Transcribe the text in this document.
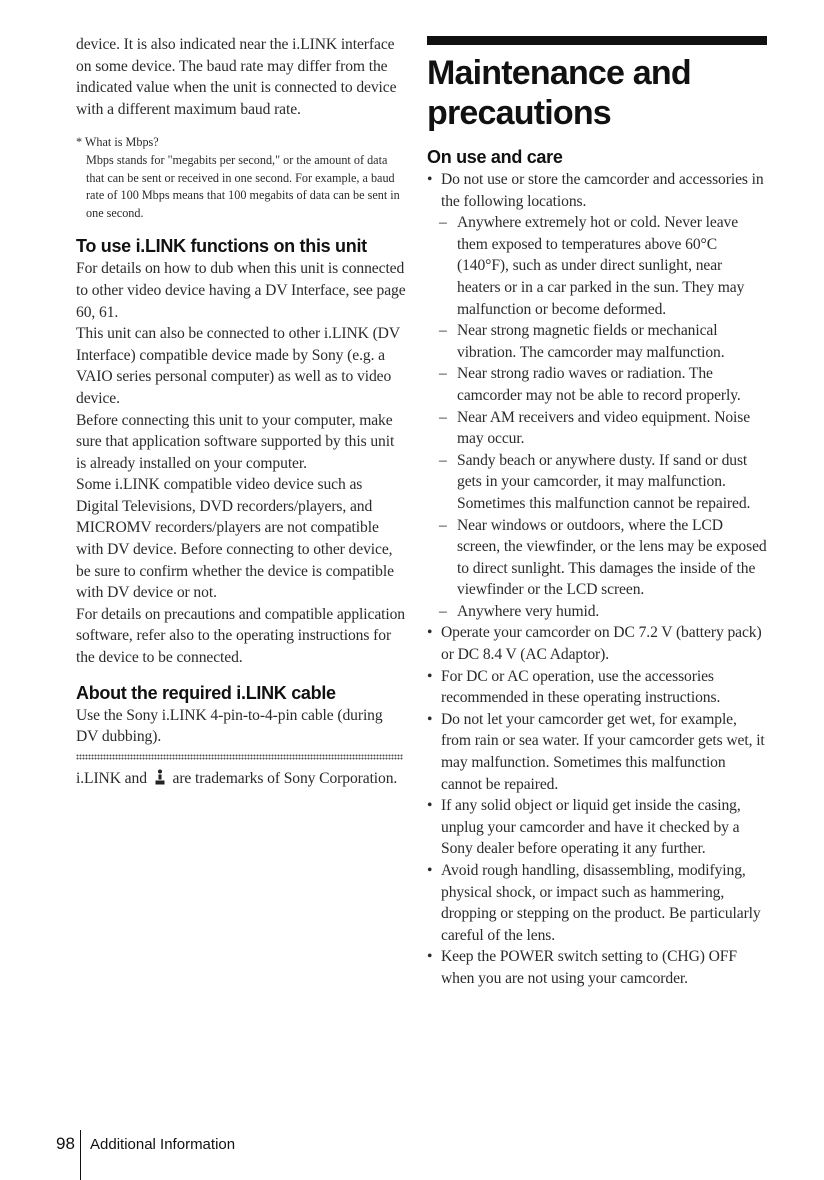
device. It is also indicated near the i.LINK interface on some device. The baud rate may differ from the indicated value when the unit is connected to device with a different maximum baud rate.

* What is Mbps?

Mbps stands for "megabits per second," or the amount of data that can be sent or received in one second. For example, a baud rate of 100 Mbps means that 100 megabits of data can be sent in one second.

To use i.LINK functions on this unit

For details on how to dub when this unit is connected to other video device having a DV Interface, see page 60, 61.

This unit can also be connected to other i.LINK (DV Interface) compatible device made by Sony (e.g. a VAIO series personal computer) as well as to video device.

Before connecting this unit to your computer, make sure that application software supported by this unit is already installed on your computer.

Some i.LINK compatible video device such as Digital Televisions, DVD recorders/players, and MICROMV recorders/players are not compatible with DV device. Before connecting to other device, be sure to confirm whether the device is compatible with DV device or not.

For details on precautions and compatible application software, refer also to the operating instructions for the device to be connected.

About the required i.LINK cable

Use the Sony i.LINK 4-pin-to-4-pin cable (during DV dubbing).

i.LINK and are trademarks of Sony Corporation.

Maintenance and precautions

On use and care

• Do not use or store the camcorder and accessories in the following locations.
– Anywhere extremely hot or cold. Never leave them exposed to temperatures above 60°C (140°F), such as under direct sunlight, near heaters or in a car parked in the sun. They may malfunction or become deformed.
– Near strong magnetic fields or mechanical vibration. The camcorder may malfunction.
– Near strong radio waves or radiation. The camcorder may not be able to record properly.
– Near AM receivers and video equipment. Noise may occur.
– Sandy beach or anywhere dusty. If sand or dust gets in your camcorder, it may malfunction. Sometimes this malfunction cannot be repaired.
– Near windows or outdoors, where the LCD screen, the viewfinder, or the lens may be exposed to direct sunlight. This damages the inside of the viewfinder or the LCD screen.
– Anywhere very humid.
• Operate your camcorder on DC 7.2 V (battery pack) or DC 8.4 V (AC Adaptor).
• For DC or AC operation, use the accessories recommended in these operating instructions.
• Do not let your camcorder get wet, for example, from rain or sea water. If your camcorder gets wet, it may malfunction. Sometimes this malfunction cannot be repaired.
• If any solid object or liquid get inside the casing, unplug your camcorder and have it checked by a Sony dealer before operating it any further.
• Avoid rough handling, disassembling, modifying, physical shock, or impact such as hammering, dropping or stepping on the product. Be particularly careful of the lens.
• Keep the POWER switch setting to (CHG) OFF when you are not using your camcorder.
98 Additional Information
